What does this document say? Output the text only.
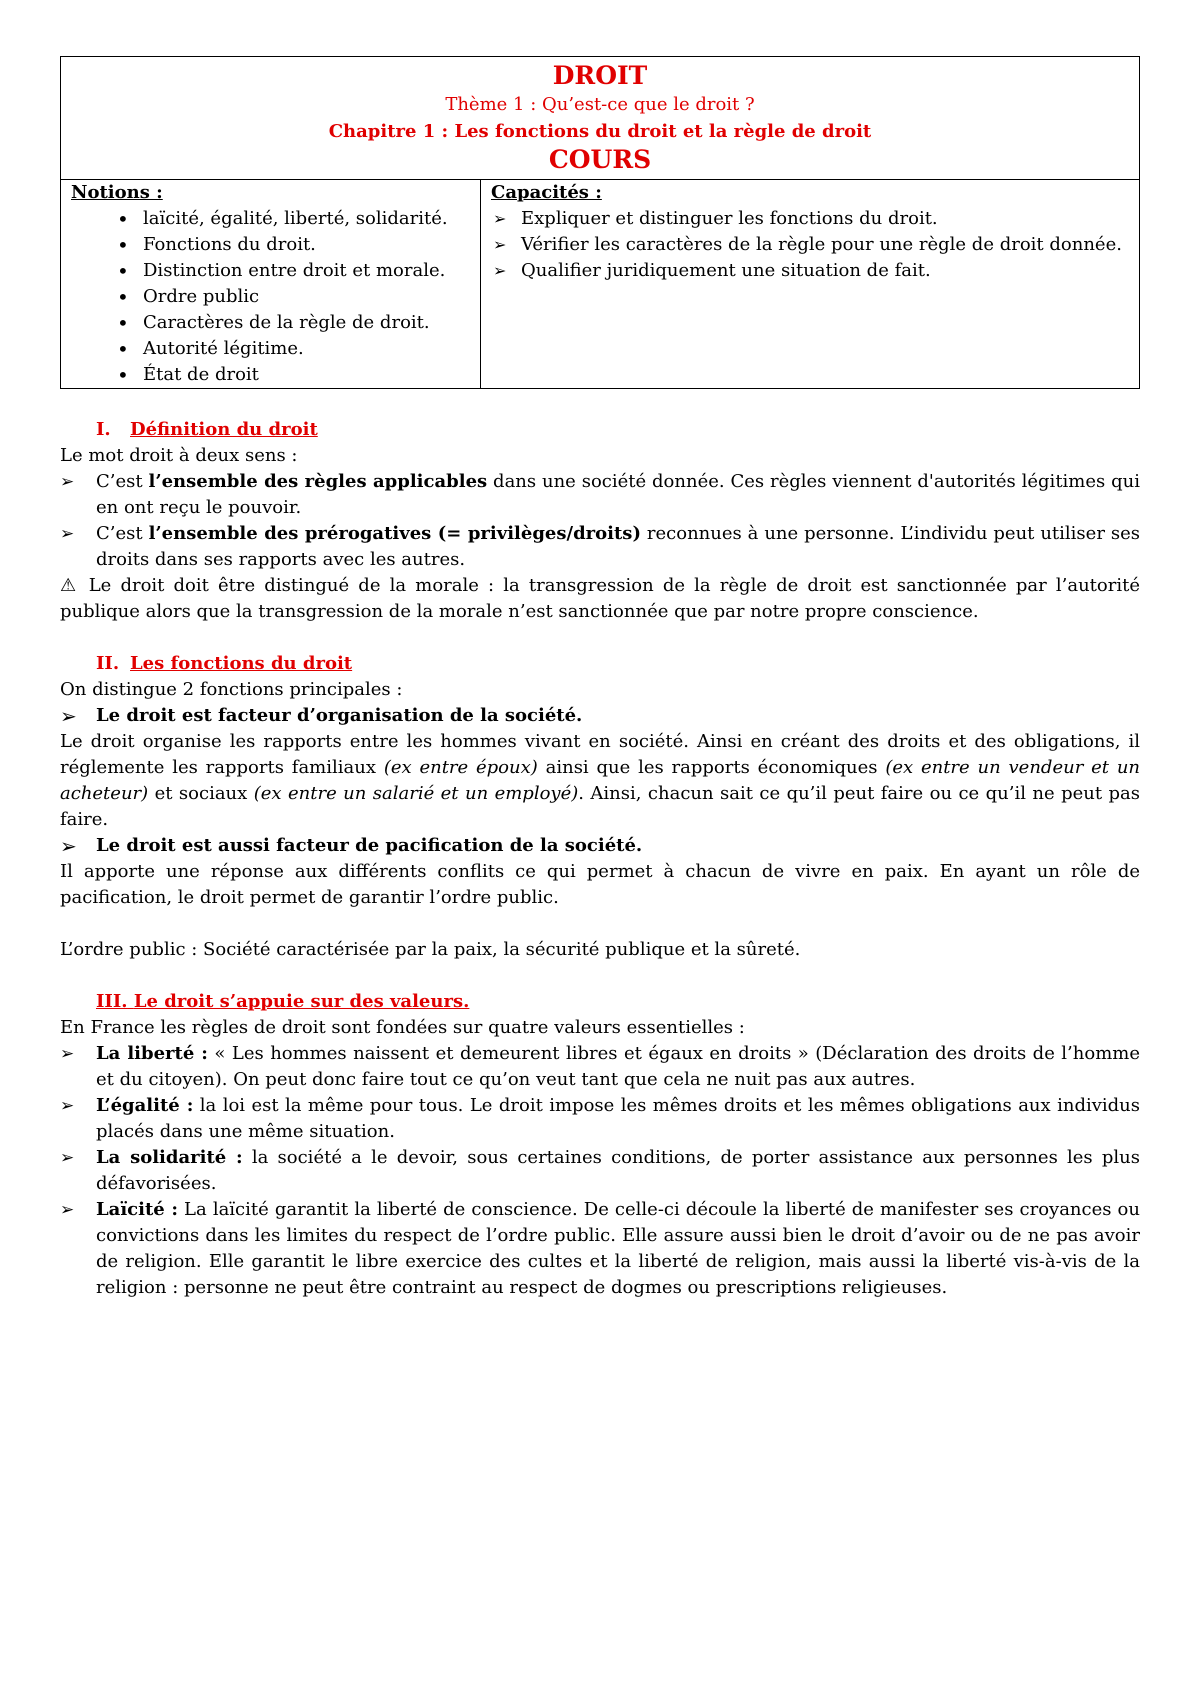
DROIT
Thème 1 : Qu’est-ce que le droit ?
Chapitre 1 : Les fonctions du droit et la règle de droit
COURS
Notions :
• laïcité, égalité, liberté, solidarité.
• Fonctions du droit.
• Distinction entre droit et morale.
• Ordre public
• Caractères de la règle de droit.
• Autorité légitime.
• État de droit
Capacités :
➢ Expliquer et distinguer les fonctions du droit.
➢ Vérifier les caractères de la règle pour une règle de droit donnée.
➢ Qualifier juridiquement une situation de fait.
I. Définition du droit

Le mot droit à deux sens :

➢ C’est l’ensemble des règles applicables dans une société donnée. Ces règles viennent d'autorités légitimes qui en ont reçu le pouvoir.
➢ C’est l’ensemble des prérogatives (= privilèges/droits) reconnues à une personne. L’individu peut utiliser ses droits dans ses rapports avec les autres.

⚠ Le droit doit être distingué de la morale : la transgression de la règle de droit est sanctionnée par l’autorité publique alors que la transgression de la morale n’est sanctionnée que par notre propre conscience.

II. Les fonctions du droit

On distingue 2 fonctions principales :

➢ Le droit est facteur d’organisation de la société.

Le droit organise les rapports entre les hommes vivant en société. Ainsi en créant des droits et des obligations, il réglemente les rapports familiaux (ex entre époux) ainsi que les rapports économiques (ex entre un vendeur et un acheteur) et sociaux (ex entre un salarié et un employé). Ainsi, chacun sait ce qu’il peut faire ou ce qu’il ne peut pas faire.

➢ Le droit est aussi facteur de pacification de la société.

Il apporte une réponse aux différents conflits ce qui permet à chacun de vivre en paix. En ayant un rôle de pacification, le droit permet de garantir l’ordre public.

L’ordre public : Société caractérisée par la paix, la sécurité publique et la sûreté.

III. Le droit s’appuie sur des valeurs.

En France les règles de droit sont fondées sur quatre valeurs essentielles :

➢ La liberté : « Les hommes naissent et demeurent libres et égaux en droits » (Déclaration des droits de l’homme et du citoyen). On peut donc faire tout ce qu’on veut tant que cela ne nuit pas aux autres.
➢ L’égalité : la loi est la même pour tous. Le droit impose les mêmes droits et les mêmes obligations aux individus placés dans une même situation.
➢ La solidarité : la société a le devoir, sous certaines conditions, de porter assistance aux personnes les plus défavorisées.
➢ Laïcité : La laïcité garantit la liberté de conscience. De celle-ci découle la liberté de manifester ses croyances ou convictions dans les limites du respect de l’ordre public. Elle assure aussi bien le droit d’avoir ou de ne pas avoir de religion. Elle garantit le libre exercice des cultes et la liberté de religion, mais aussi la liberté vis-à-vis de la religion : personne ne peut être contraint au respect de dogmes ou prescriptions religieuses.
